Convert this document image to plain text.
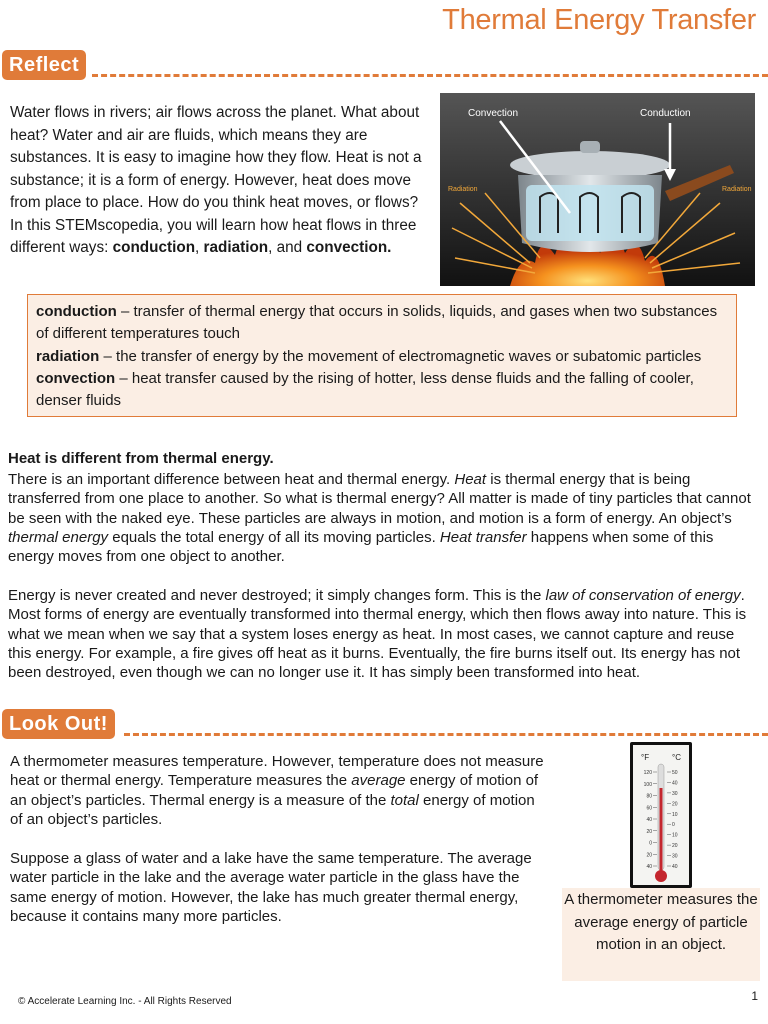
Thermal Energy Transfer
Reflect

Water flows in rivers; air flows across the planet. What about heat? Water and air are fluids, which means they are substances. It is easy to imagine how they flow. Heat is not a substance; it is a form of energy. However, heat does move from place to place. How do you think heat moves, or flows? In this STEMscopedia, you will learn how heat flows in three different ways: conduction, radiation, and convection.

Convection	Conduction
Radiation	Radiation

conduction – transfer of thermal energy that occurs in solids, liquids, and gases when two substances of different temperatures touch

radiation – the transfer of energy by the movement of electromagnetic waves or subatomic particles

convection – heat transfer caused by the rising of hotter, less dense fluids and the falling of cooler, denser fluids

Heat is different from thermal energy.

There is an important difference between heat and thermal energy. Heat is thermal energy that is being transferred from one place to another. So what is thermal energy? All matter is made of tiny particles that cannot be seen with the naked eye. These particles are always in motion, and motion is a form of energy. An object’s thermal energy equals the total energy of all its moving particles. Heat transfer happens when some of this energy moves from one object to another.

Energy is never created and never destroyed; it simply changes form. This is the law of conservation of energy. Most forms of energy are eventually transformed into thermal energy, which then flows away into nature. This is what we mean when we say that a system loses energy as heat. In most cases, we cannot capture and reuse this energy. For example, a fire gives off heat as it burns. Eventually, the fire burns itself out. Its energy has not been destroyed, even though we can no longer use it. It has simply been transformed into heat.

Look Out!

A thermometer measures temperature. However, temperature does not measure heat or thermal energy. Temperature measures the average energy of motion of an object’s particles. Thermal energy is a measure of the total energy of motion of an object’s particles.

Suppose a glass of water and a lake have the same temperature. The average water particle in the lake and the average water particle in the glass have the same energy of motion. However, the lake has much greater thermal energy, because it contains many more particles.

°F	°C
120
100
80
60
40
20
0
20
40
50
40
30
20
10
0
10
20
30
40
A thermometer measures the average energy of particle motion in an object.
© Accelerate Learning Inc. - All Rights Reserved	1
